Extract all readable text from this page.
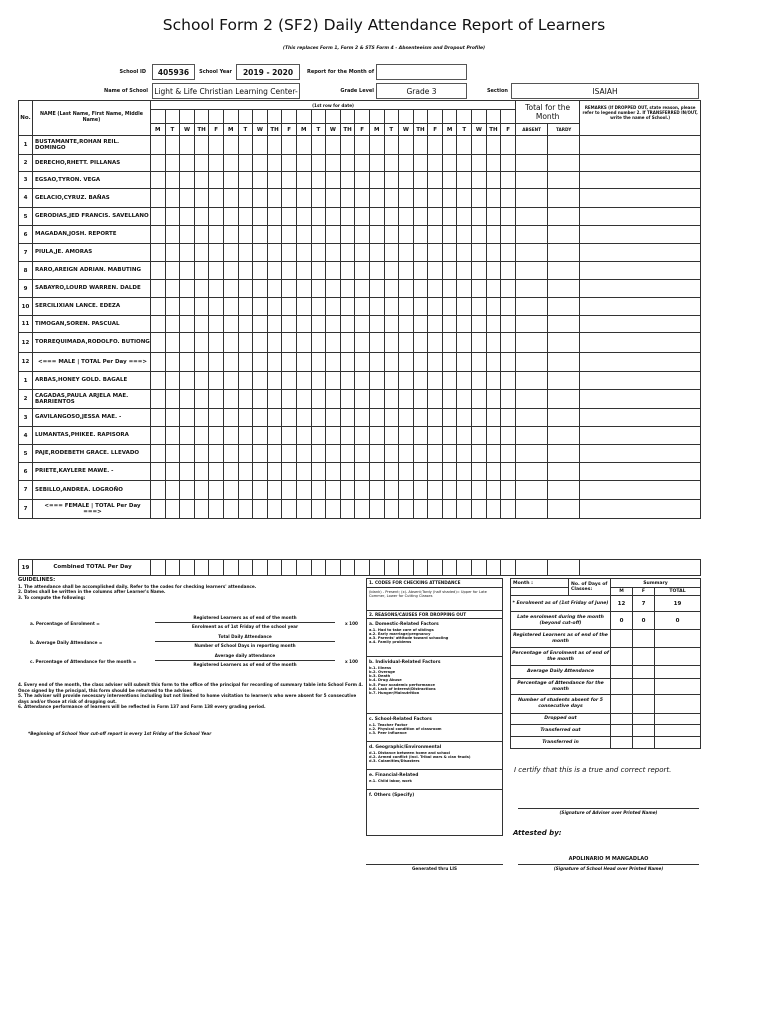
School Form 2 (SF2) Daily Attendance Report of Learners
(This replaces Form 1, Form 2 & STS Form 4 - Absenteeism and Dropout Profile)
School ID	405936	School Year	2019 - 2020	Report for the Month of
Name of School Light & Life Christian Learning Center-	Grade Level	Grade 3	Section	ISAIAH
No.	NAME (Last Name, First Name, Middle Name)	(1st row for date)																									Total for the Month		REMARKS (If DROPPED OUT, state reason, please refer to legend number 2. If TRANSFERRED IN/OUT, write the name of School.)

		M	T	W	TH	F	M	T	W	TH	F	M	T	W	TH	F	M	T	W	TH	F	M	T	W	TH	F	ABSENT	TARDY	
1	BUSTAMANTE,ROHAN REIL. DOMINGO																												
2	DERECHO,RHETT. PILLANAS																												
3	EGSAO,TYRON. VEGA																												
4	GELACIO,CYRUZ. BAÑAS																												
5	GERODIAS,JED FRANCIS. SAVELLANO																												
6	MAGADAN,JOSH. REPORTE																												
7	PIULA,JE. AMORAS																												
8	RARO,AREIGN ADRIAN. MABUTING																												
9	SABAYRO,LOURD WARREN. DALDE																												
10	SERCILIXIAN LANCE. EDEZA																												
11	TIMOGAN,SOREN. PASCUAL																												
12	TORREQUIMADA,RODOLFO. BUTIONG																												
12	<=== MALE | TOTAL Per Day ===>																												
1	ARBAS,HONEY GOLD. BAGALE																												
2	CAGADAS,PAULA ARJELA MAE. BARRIENTOS																												
3	GAVILANGOSO,JESSA MAE. -																												
4	LUMANTAS,PHIKEE. RAPISORA																												
5	PAJE,RODEBETH GRACE. LLEVADO																												
6	PRIETE,KAYLERE MAWE. -																												
7	SEBILLO,ANDREA. LOGROÑO																												
7	<=== FEMALE | TOTAL Per Day ===>																												

19	Combined TOTAL Per Day																												
GUIDELINES:
1. The attendance shall be accomplished daily. Refer to the codes for checking learners' attendance.
2. Dates shall be written in the columns after Learner's Name.
3. To compute the following:
a. Percentage of Enrolment =
Registered Learners as of end of the month
Enrolment as of 1st Friday of the school year
x 100
b. Average Daily Attendance =
Total Daily Attendance
Number of School Days in reporting month
c. Percentage of Attendance for the month =
Average daily attendance
Registered Learners as of end of the month
x 100
4. Every end of the month, the class adviser will submit this form to the office of the principal for recording of summary table into School Form 4. Once signed by the principal, this form should be returned to the adviser.
5. The adviser will provide necessary interventions including but not limited to home visitation to learner/s who were absent for 5 consecutive days and/or those at risk of dropping out.
6. Attendance performance of learners will be reflected in Form 137 and Form 138 every grading period.
*Beginning of School Year cut-off report is every 1st Friday of the School Year
1. CODES FOR CHECKING ATTENDANCE
(blank) - Present; (x)- Absent;Tardy (half shaded)= Upper for Late Commer, Lower for Cutting Classes
2. REASONS/CAUSES FOR DROPPING OUT
a. Domestic-Related Factors
a.1. Had to take care of siblings
a.2. Early marriage/pregnancy
a.3. Parents' attitude toward schooling
a.4. Family problems
b. Individual-Related Factors
b.1. Illness
b.2. Overage
b.3. Death
b.4. Drug Abuse
b.5. Poor academic performance
b.6. Lack of interest/Distractions
b.7. Hunger/Malnutrition
c. School-Related Factors
c.1. Teacher Factor
c.2. Physical condition of classroom
c.3. Peer influence
d. Geographic/Environmental
d.1. Distance between home and school
d.2. Armed conflict (incl. Tribal wars & clan feuds)
d.3. Calamities/Disasters
e. Financial-Related
e.1. Child labor, work
f. Others (Specify)
Month :	No. of Days of Classes:	Summary		
		M	F	TOTAL
* Enrolment as of (1st Friday of June)		12	7	19
Late enrolment during the month (beyond cut-off)		0	0	0
Registered Learners as of end of the month				
Percentage of Enrolment as of end of the month				
Average Daily Attendance				
Percentage of Attendance for the month				
Number of students absent for 5 consecutive days				
Dropped out				
Transferred out				
Transferred in				
I certify that this is a true and correct report.
(Signature of Adviser over Printed Name)
Attested by:
APOLINARIO M MANGADLAO
(Signature of School Head over Printed Name)
Generated thru LIS
